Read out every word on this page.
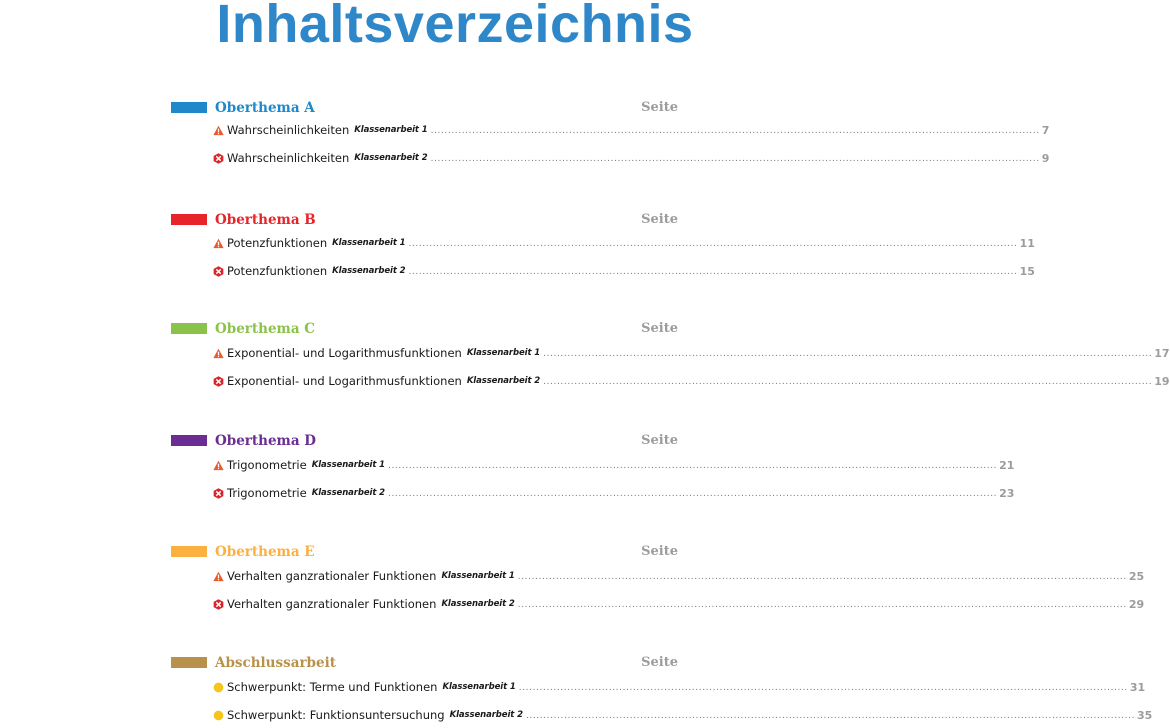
Inhaltsverzeichnis
Oberthema A	Seite
Wahrscheinlichkeiten Klassenarbeit 1 ................................................................................................................................................................................ 7
Wahrscheinlichkeiten Klassenarbeit 2 ................................................................................................................................................................................ 9
Oberthema B	Seite
Potenzfunktionen Klassenarbeit 1 ................................................................................................................................................................................ 11
Potenzfunktionen Klassenarbeit 2 ................................................................................................................................................................................ 15
Oberthema C	Seite
Exponential- und Logarithmusfunktionen Klassenarbeit 1 ................................................................................................................................................................................ 17
Exponential- und Logarithmusfunktionen Klassenarbeit 2 ................................................................................................................................................................................ 19
Oberthema D	Seite
Trigonometrie Klassenarbeit 1 ................................................................................................................................................................................ 21
Trigonometrie Klassenarbeit 2 ................................................................................................................................................................................ 23
Oberthema E	Seite
Verhalten ganzrationaler Funktionen Klassenarbeit 1 ................................................................................................................................................................................ 25
Verhalten ganzrationaler Funktionen Klassenarbeit 2 ................................................................................................................................................................................ 29
Abschlussarbeit	Seite
Schwerpunkt: Terme und Funktionen Klassenarbeit 1 ................................................................................................................................................................................ 31
Schwerpunkt: Funktionsuntersuchung Klassenarbeit 2 ................................................................................................................................................................................ 35
